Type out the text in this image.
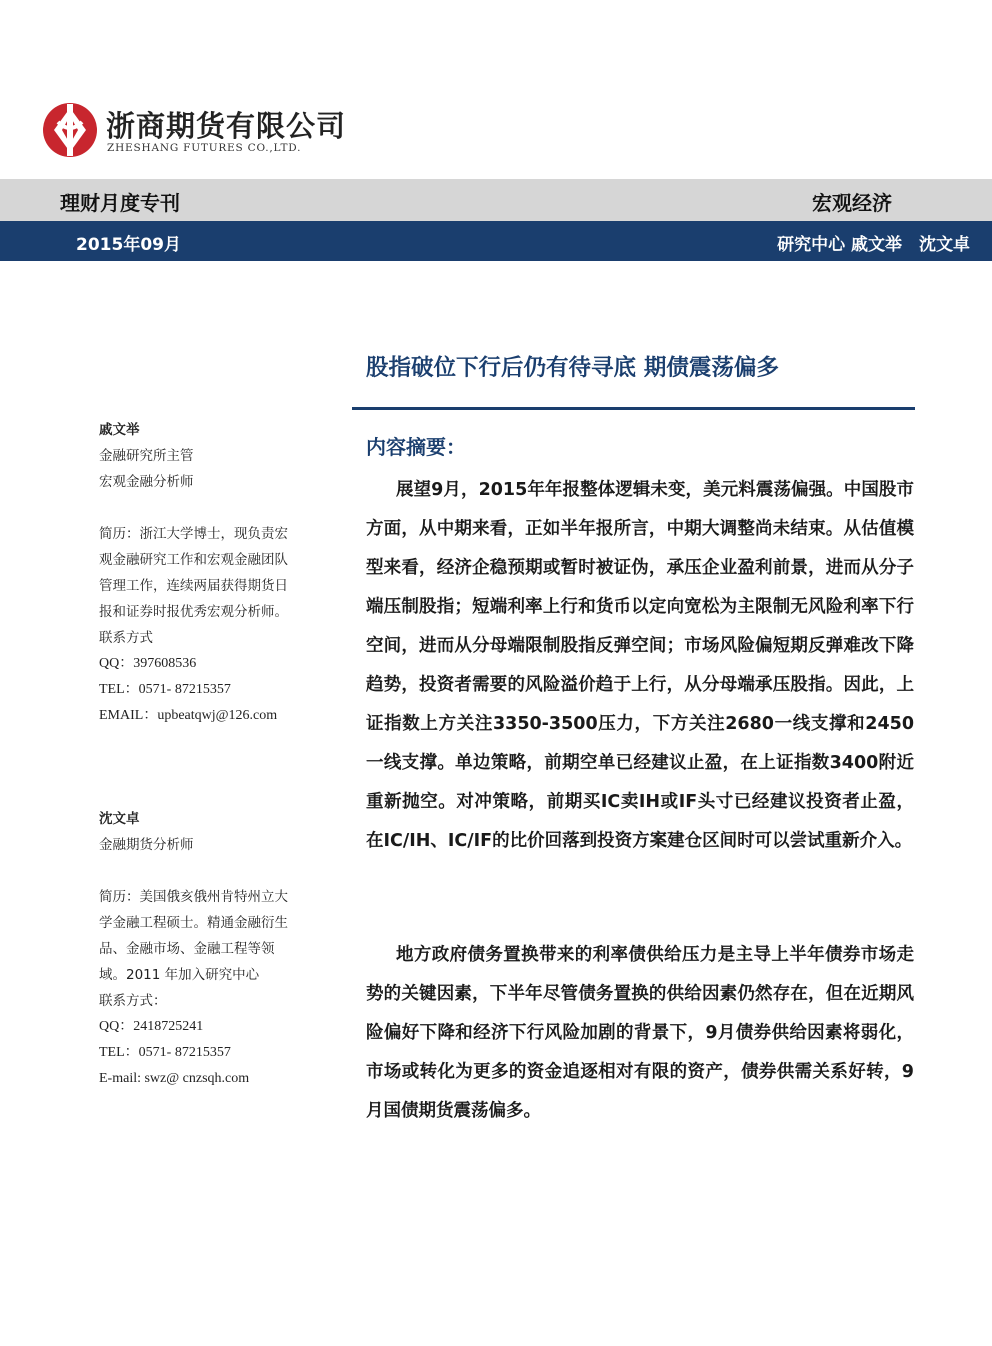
浙商期货有限公司
ZHESHANG FUTURES CO.,LTD.
理财月度专刊	宏观经济
2015年09月	研究中心 戚文举　沈文卓
股指破位下行后仍有待寻底 期债震荡偏多
内容摘要：

展望9月，2015年年报整体逻辑未变，美元料震荡偏强。中国股市方面，从中期来看，正如半年报所言，中期大调整尚未结束。从估值模型来看，经济企稳预期或暂时被证伪，承压企业盈利前景，进而从分子端压制股指；短端利率上行和货币以定向宽松为主限制无风险利率下行空间，进而从分母端限制股指反弹空间；市场风险偏短期反弹难改下降趋势，投资者需要的风险溢价趋于上行，从分母端承压股指。因此，上证指数上方关注3350-3500压力，下方关注2680一线支撑和2450一线支撑。单边策略，前期空单已经建议止盈，在上证指数3400附近重新抛空。对冲策略，前期买IC卖IH或IF头寸已经建议投资者止盈，在IC/IH、IC/IF的比价回落到投资方案建仓区间时可以尝试重新介入。

地方政府债务置换带来的利率债供给压力是主导上半年债券市场走势的关键因素，下半年尽管债务置换的供给因素仍然存在，但在近期风险偏好下降和经济下行风险加剧的背景下，9月债券供给因素将弱化，市场或转化为更多的资金追逐相对有限的资产，债券供需关系好转，9月国债期货震荡偏多。

戚文举
金融研究所主管
宏观金融分析师

简历：浙江大学博士，现负责宏观金融研究工作和宏观金融团队管理工作，连续两届获得期货日报和证券时报优秀宏观分析师。

联系方式
QQ：397608536
TEL：0571- 87215357
EMAIL：upbeatqwj@126.com
沈文卓
金融期货分析师

简历：美国俄亥俄州肯特州立大学金融工程硕士。精通金融衍生品、金融市场、金融工程等领域。2011 年加入研究中心

联系方式：
QQ：2418725241
TEL：0571- 87215357
E-mail: swz@ cnzsqh.com
